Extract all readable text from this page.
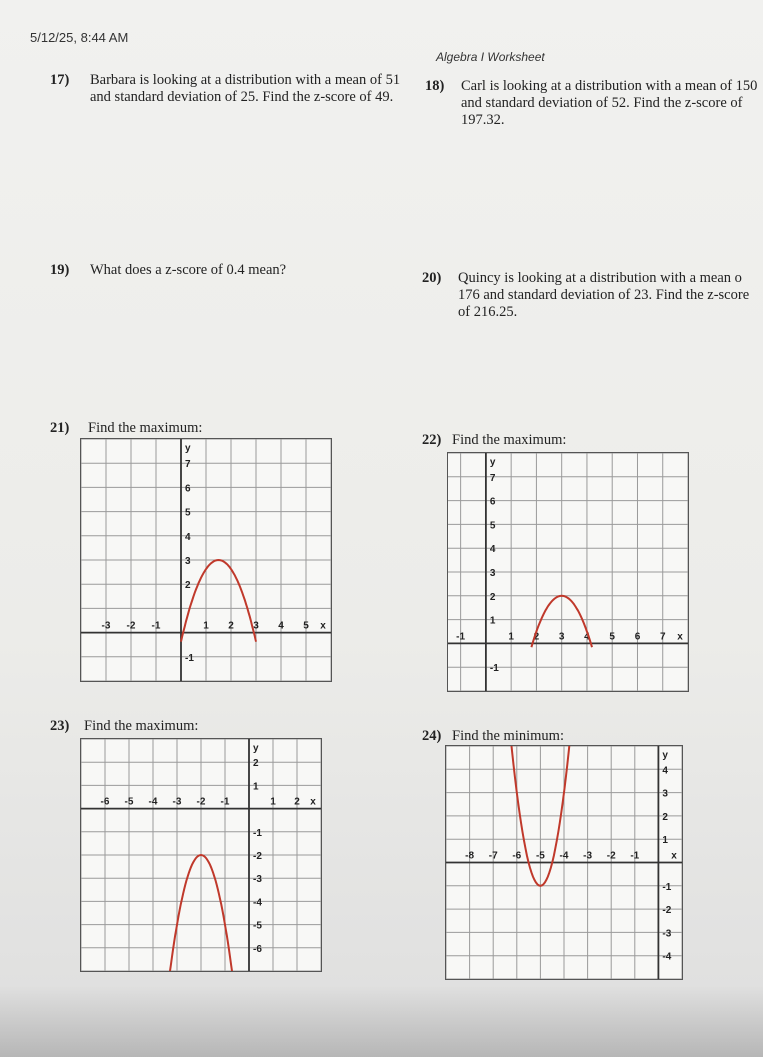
5/12/25, 8:44 AM
Algebra I Worksheet
17) Barbara is looking at a distribution with a mean of 51 and standard deviation of 25. Find the z-score of 49.
18) Carl is looking at a distribution with a mean of 150 and standard deviation of 52. Find the z-score of 197.32.
19) What does a z-score of 0.4 mean?	20) Quincy is looking at a distribution with a mean o 176 and standard deviation of 23. Find the z-score of 216.25.
21) Find the maximum:
-3 -2 -1	1 2 3 4 5
-1
2
3
4
5
6
7
x
y
22) Find the maximum:
-1	1 2 3 4 5 6 7
-1
1
2
3
4
5
6
7
x
y
23) Find the maximum:
-6 -5 -4 -3 -2 -1	1 2
2
1
-1
-2
-3
-4
-5
-6
x
y
24) Find the minimum:
-8 -7 -6 -5 -4 -3 -2 -1
4
3
2
1
-1
-2
-3
-4
x
y
